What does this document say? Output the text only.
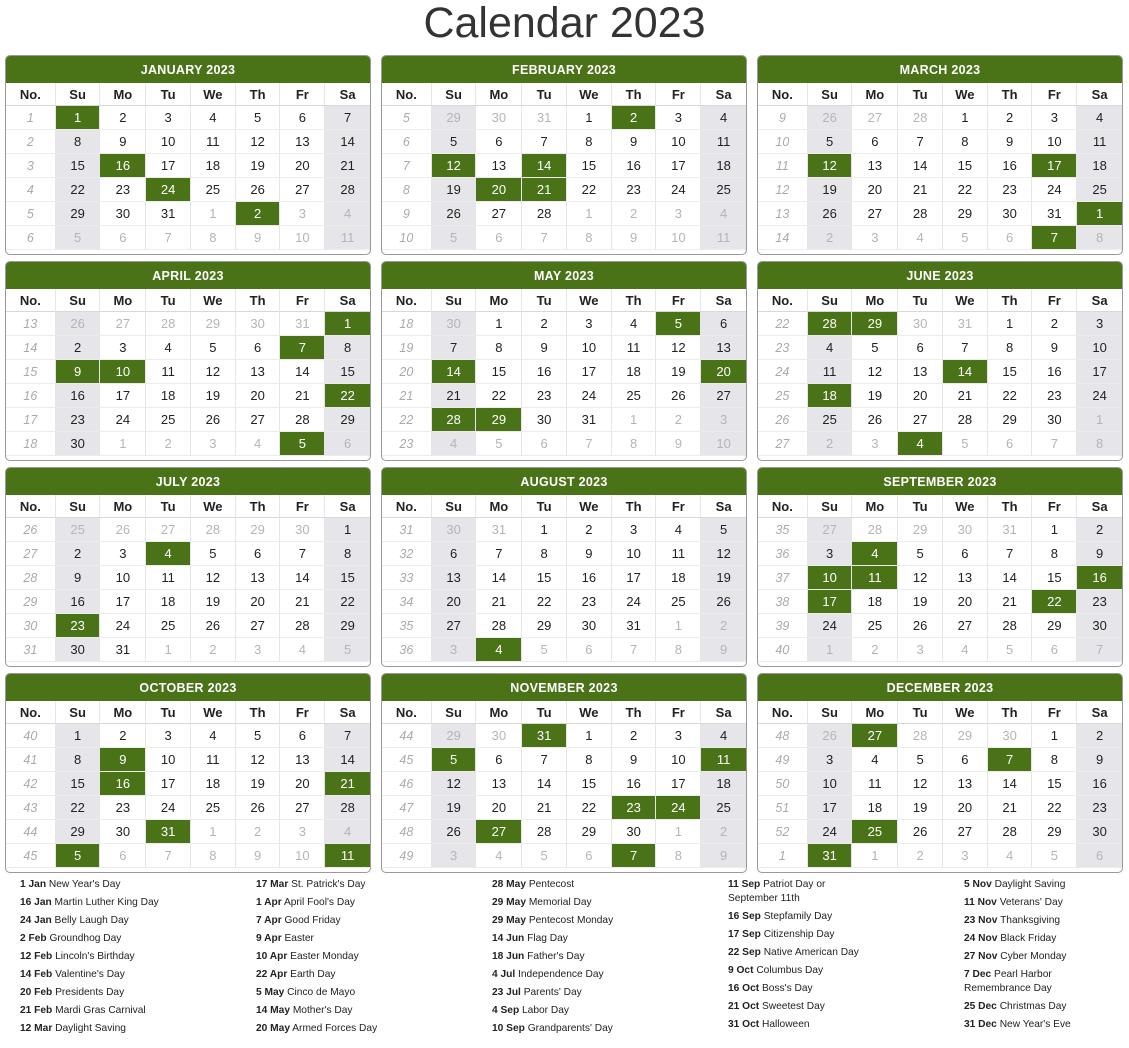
Calendar 2023
JANUARY 2023
No.	Su	Mo	Tu	We	Th	Fr	Sa
1	1	2	3	4	5	6	7
2	8	9	10	11	12	13	14
3	15	16	17	18	19	20	21
4	22	23	24	25	26	27	28
5	29	30	31	1	2	3	4
6	5	6	7	8	9	10	11
FEBRUARY 2023
No.	Su	Mo	Tu	We	Th	Fr	Sa
5	29	30	31	1	2	3	4
6	5	6	7	8	9	10	11
7	12	13	14	15	16	17	18
8	19	20	21	22	23	24	25
9	26	27	28	1	2	3	4
10	5	6	7	8	9	10	11
MARCH 2023
No.	Su	Mo	Tu	We	Th	Fr	Sa
9	26	27	28	1	2	3	4
10	5	6	7	8	9	10	11
11	12	13	14	15	16	17	18
12	19	20	21	22	23	24	25
13	26	27	28	29	30	31	1
14	2	3	4	5	6	7	8
APRIL 2023
No.	Su	Mo	Tu	We	Th	Fr	Sa
13	26	27	28	29	30	31	1
14	2	3	4	5	6	7	8
15	9	10	11	12	13	14	15
16	16	17	18	19	20	21	22
17	23	24	25	26	27	28	29
18	30	1	2	3	4	5	6
MAY 2023
No.	Su	Mo	Tu	We	Th	Fr	Sa
18	30	1	2	3	4	5	6
19	7	8	9	10	11	12	13
20	14	15	16	17	18	19	20
21	21	22	23	24	25	26	27
22	28	29	30	31	1	2	3
23	4	5	6	7	8	9	10
JUNE 2023
No.	Su	Mo	Tu	We	Th	Fr	Sa
22	28	29	30	31	1	2	3
23	4	5	6	7	8	9	10
24	11	12	13	14	15	16	17
25	18	19	20	21	22	23	24
26	25	26	27	28	29	30	1
27	2	3	4	5	6	7	8
JULY 2023
No.	Su	Mo	Tu	We	Th	Fr	Sa
26	25	26	27	28	29	30	1
27	2	3	4	5	6	7	8
28	9	10	11	12	13	14	15
29	16	17	18	19	20	21	22
30	23	24	25	26	27	28	29
31	30	31	1	2	3	4	5
AUGUST 2023
No.	Su	Mo	Tu	We	Th	Fr	Sa
31	30	31	1	2	3	4	5
32	6	7	8	9	10	11	12
33	13	14	15	16	17	18	19
34	20	21	22	23	24	25	26
35	27	28	29	30	31	1	2
36	3	4	5	6	7	8	9
SEPTEMBER 2023
No.	Su	Mo	Tu	We	Th	Fr	Sa
35	27	28	29	30	31	1	2
36	3	4	5	6	7	8	9
37	10	11	12	13	14	15	16
38	17	18	19	20	21	22	23
39	24	25	26	27	28	29	30
40	1	2	3	4	5	6	7
OCTOBER 2023
No.	Su	Mo	Tu	We	Th	Fr	Sa
40	1	2	3	4	5	6	7
41	8	9	10	11	12	13	14
42	15	16	17	18	19	20	21
43	22	23	24	25	26	27	28
44	29	30	31	1	2	3	4
45	5	6	7	8	9	10	11
NOVEMBER 2023
No.	Su	Mo	Tu	We	Th	Fr	Sa
44	29	30	31	1	2	3	4
45	5	6	7	8	9	10	11
46	12	13	14	15	16	17	18
47	19	20	21	22	23	24	25
48	26	27	28	29	30	1	2
49	3	4	5	6	7	8	9
DECEMBER 2023
No.	Su	Mo	Tu	We	Th	Fr	Sa
48	26	27	28	29	30	1	2
49	3	4	5	6	7	8	9
50	10	11	12	13	14	15	16
51	17	18	19	20	21	22	23
52	24	25	26	27	28	29	30
1	31	1	2	3	4	5	6
1 Jan New Year's Day
16 Jan Martin Luther King Day
24 Jan Belly Laugh Day
2 Feb Groundhog Day
12 Feb Lincoln's Birthday
14 Feb Valentine's Day
20 Feb Presidents Day
21 Feb Mardi Gras Carnival
12 Mar Daylight Saving
17 Mar St. Patrick's Day
1 Apr April Fool's Day
7 Apr Good Friday
9 Apr Easter
10 Apr Easter Monday
22 Apr Earth Day
5 May Cinco de Mayo
14 May Mother's Day
20 May Armed Forces Day
28 May Pentecost
29 May Memorial Day
29 May Pentecost Monday
14 Jun Flag Day
18 Jun Father's Day
4 Jul Independence Day
23 Jul Parents' Day
4 Sep Labor Day
10 Sep Grandparents' Day
11 Sep Patriot Day or September 11th
16 Sep Stepfamily Day
17 Sep Citizenship Day
22 Sep Native American Day
9 Oct Columbus Day
16 Oct Boss's Day
21 Oct Sweetest Day
31 Oct Halloween
5 Nov Daylight Saving
11 Nov Veterans' Day
23 Nov Thanksgiving
24 Nov Black Friday
27 Nov Cyber Monday
7 Dec Pearl Harbor Remembrance Day
25 Dec Christmas Day
31 Dec New Year's Eve
